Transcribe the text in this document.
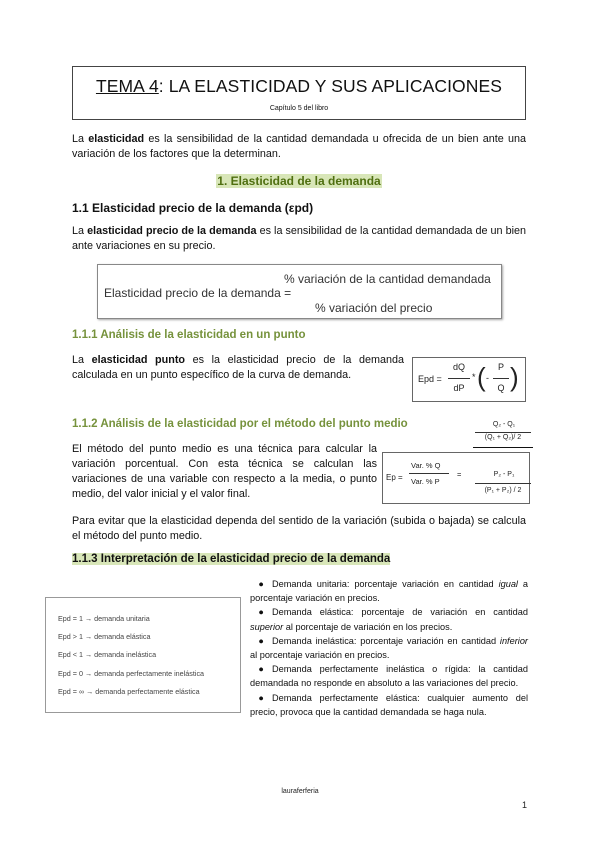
TEMA 4: LA ELASTICIDAD Y SUS APLICACIONES
Capítulo 5 del libro
La elasticidad es la sensibilidad de la cantidad demandada u ofrecida de un bien ante una variación de los factores que la determinan.
1. Elasticidad de la demanda
1.1 Elasticidad precio de la demanda (εpd)
La elasticidad precio de la demanda es la sensibilidad de la cantidad demandada de un bien ante variaciones en su precio.
% variación de la cantidad demandada
Elasticidad precio de la demanda =
% variación del precio
1.1.1 Análisis de la elasticidad en un punto
La elasticidad punto es la elasticidad precio de la demanda calculada en un punto específico de la curva de demanda.	Epd =
dQ
dP
* ( -
P
Q )
1.1.2 Análisis de la elasticidad por el método del punto medio
El método del punto medio es una técnica para calcular la variación porcentual. Con esta técnica se calculan las variaciones de una variable con respecto a la media, o punto medio, del valor inicial y el valor final.
Ep =
Var. % Q
Var. % P
=
Q₂ - Q₁
(Q₁ + Q₂)/ 2
P₂ - P₁
(P₁ + P₂) / 2
Para evitar que la elasticidad dependa del sentido de la variación (subida o bajada) se calcula el método del punto medio.
1.1.3 Interpretación de la elasticidad precio de la demanda
Epd = 1 → demanda unitaria
Epd > 1 → demanda elástica
Epd < 1 → demanda inelástica
Epd = 0 → demanda perfectamente inelástica
Epd = ∞ → demanda perfectamente elástica

● Demanda unitaria: porcentaje variación en cantidad igual a porcentaje variación en precios.

● Demanda elástica: porcentaje de variación en cantidad superior al porcentaje de variación en los precios.

● Demanda inelástica: porcentaje variación en cantidad inferior al porcentaje variación en precios.

● Demanda perfectamente inelástica o rígida: la cantidad demandada no responde en absoluto a las variaciones del precio.

● Demanda perfectamente elástica: cualquier aumento del precio, provoca que la cantidad demandada se haga nula.

lauraferferia
1
